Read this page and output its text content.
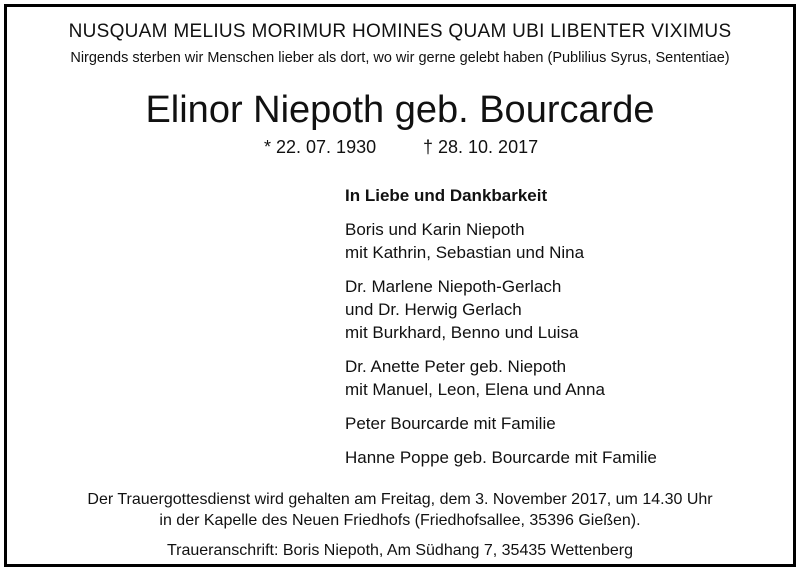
NUSQUAM MELIUS MORIMUR HOMINES QUAM UBI LIBENTER VIXIMUS
Nirgends sterben wir Menschen lieber als dort, wo wir gerne gelebt haben (Publilius Syrus, Sententiae)
Elinor Niepoth geb. Bourcarde
* 22. 07. 1930	† 28. 10. 2017
In Liebe und Dankbarkeit
Boris und Karin Niepoth
mit Kathrin, Sebastian und Nina
Dr. Marlene Niepoth-Gerlach
und Dr. Herwig Gerlach
mit Burkhard, Benno und Luisa
Dr. Anette Peter geb. Niepoth
mit Manuel, Leon, Elena und Anna
Peter Bourcarde mit Familie
Hanne Poppe geb. Bourcarde mit Familie
Der Trauergottesdienst wird gehalten am Freitag, dem 3. November 2017, um 14.30 Uhr
in der Kapelle des Neuen Friedhofs (Friedhofsallee, 35396 Gießen).
Traueranschrift: Boris Niepoth, Am Südhang 7, 35435 Wettenberg
